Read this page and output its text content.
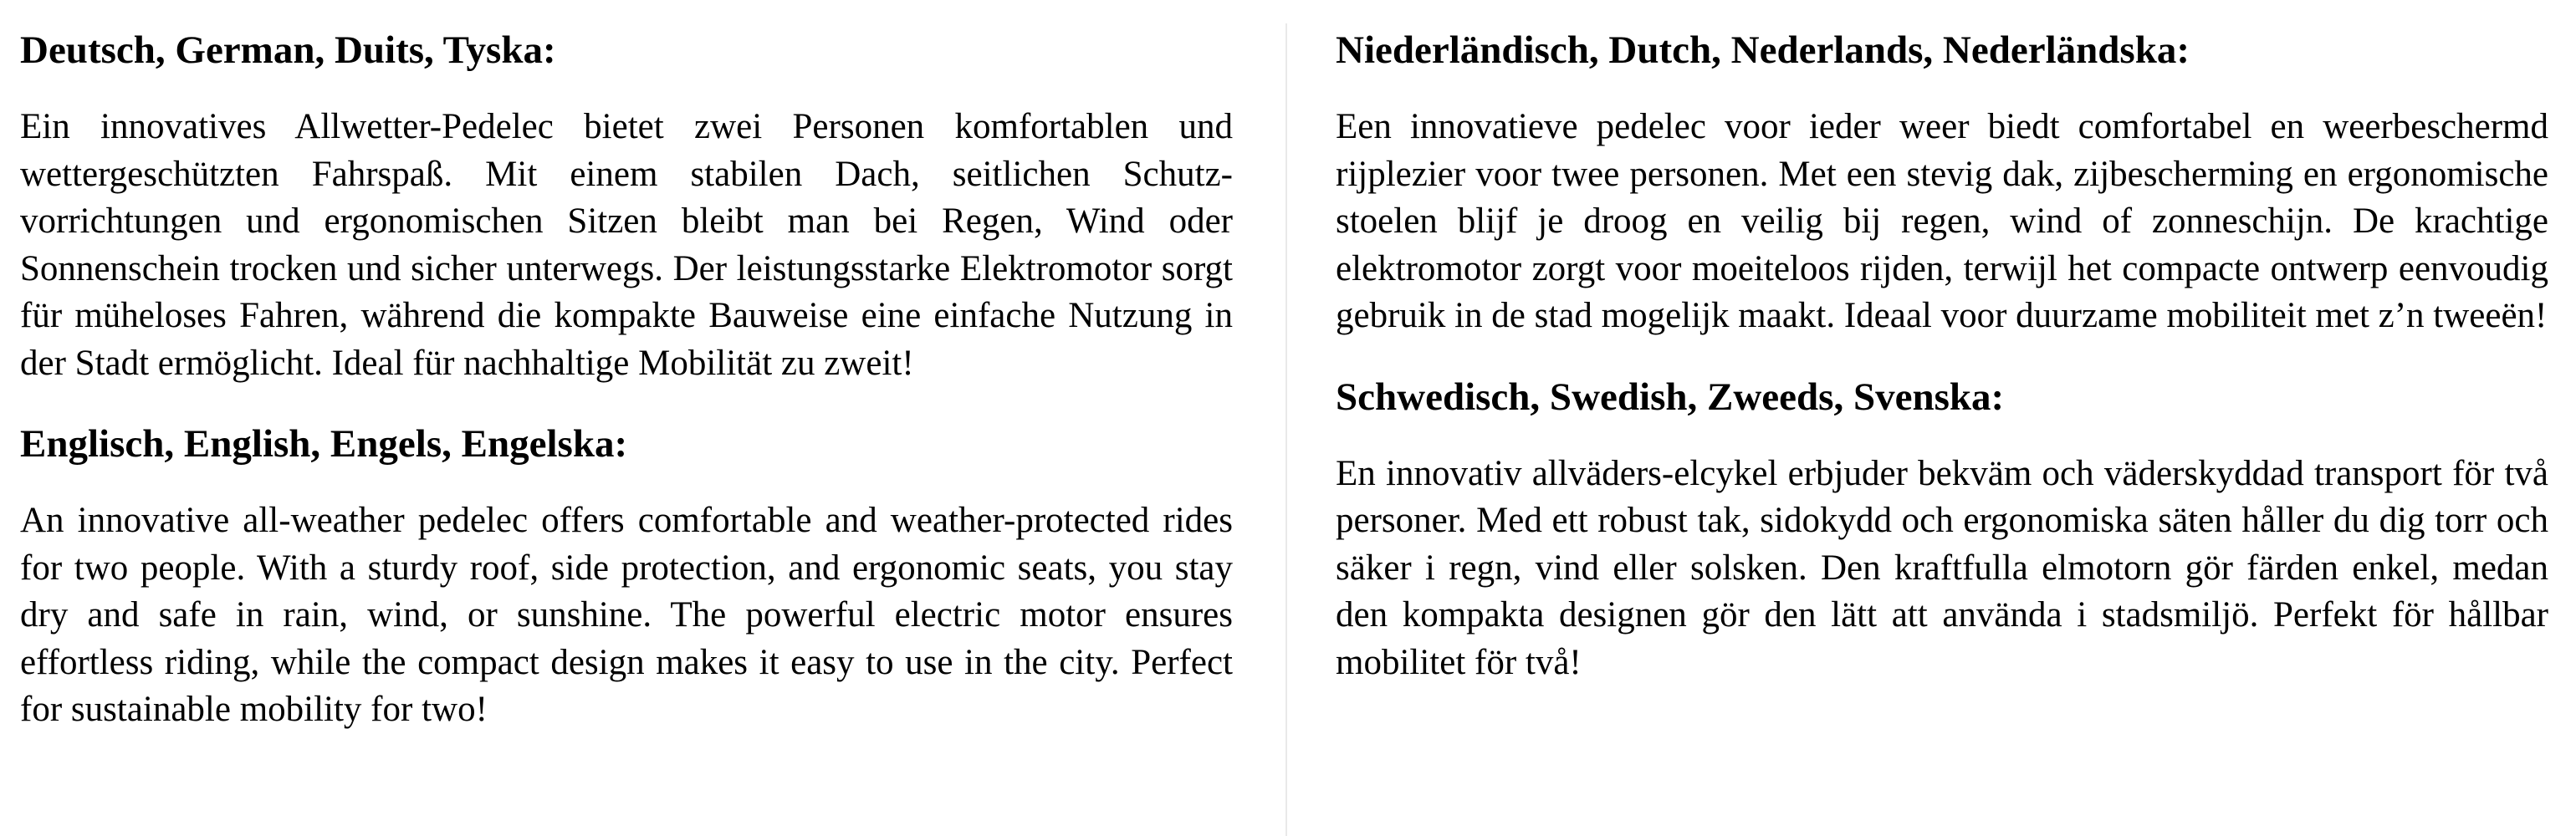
Deutsch, German, Duits, Tyska:

Ein innovatives Allwetter-Pedelec bietet zwei Personen komfortablen und wettergeschützten Fahrspaß. Mit einem stabilen Dach, seitlichen Schutzvorrichtungen und ergonomischen Sitzen bleibt man bei Regen, Wind oder Sonnenschein trocken und sicher unterwegs. Der leistungsstarke Elektromotor sorgt für müheloses Fahren, während die kompakte Bauweise eine einfache Nutzung in der Stadt ermöglicht. Ideal für nachhaltige Mobilität zu zweit!

Englisch, English, Engels, Engelska:

An innovative all-weather pedelec offers comfortable and weather-protected rides for two people. With a sturdy roof, side protection, and ergonomic seats, you stay dry and safe in rain, wind, or sunshine. The powerful electric motor ensures effortless riding, while the compact design makes it easy to use in the city. Perfect for sustainable mobility for two!

Niederländisch, Dutch, Nederlands, Nederländska:

Een innovatieve pedelec voor ieder weer biedt comfortabel en weerbeschermd rijplezier voor twee personen. Met een stevig dak, zijbescherming en ergonomische stoelen blijf je droog en veilig bij regen, wind of zonneschijn. De krachtige elektromotor zorgt voor moeiteloos rijden, terwijl het compacte ontwerp eenvoudig gebruik in de stad mogelijk maakt. Ideaal voor duurzame mobiliteit met z’n tweeën!

Schwedisch, Swedish, Zweeds, Svenska:

En innovativ allväders-elcykel erbjuder bekväm och väderskyddad transport för två personer. Med ett robust tak, sidokydd och ergonomiska säten håller du dig torr och säker i regn, vind eller solsken. Den kraftfulla elmotorn gör färden enkel, medan den kompakta designen gör den lätt att använda i stadsmiljö. Perfekt för hållbar mobilitet för två!
